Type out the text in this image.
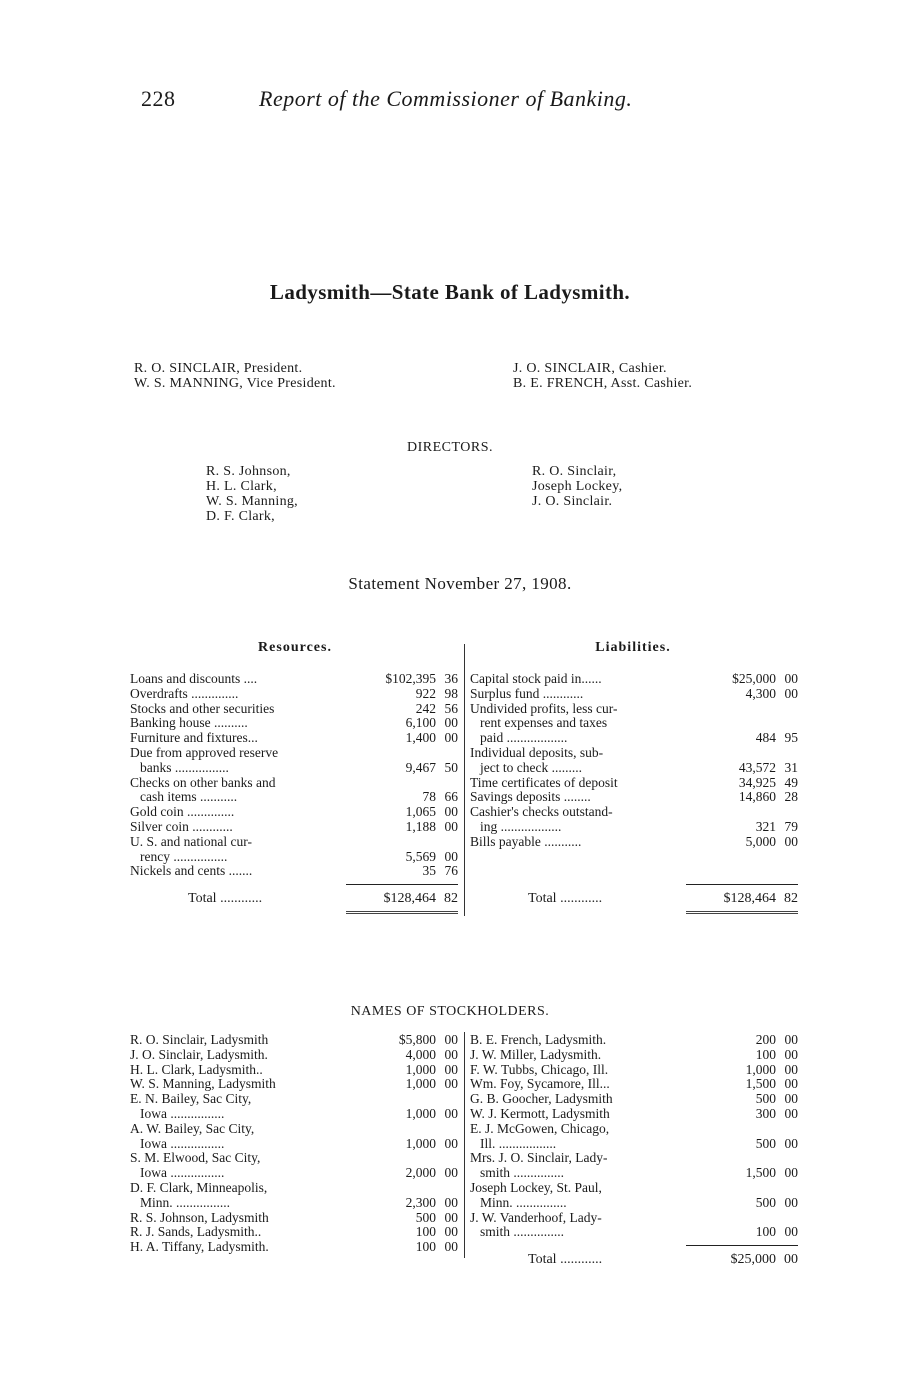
228	Report of the Commissioner of Banking.
Ladysmith—State Bank of Ladysmith.
R. O. SINCLAIR, President.
W. S. MANNING, Vice President.
J. O. SINCLAIR, Cashier.
B. E. FRENCH, Asst. Cashier.
DIRECTORS.
R. S. Johnson,
H. L. Clark,
W. S. Manning,
D. F. Clark,
R. O. Sinclair,
Joseph Lockey,
J. O. Sinclair.
Statement November 27, 1908.
Resources.	Liabilities.
Loans and discounts ....	$102,395 36
Overdrafts ..............	922 98
Stocks and other securities	242 56
Banking house ..........	6,100 00
Furniture and fixtures...	1,400 00
Due from approved reserve
banks ................	9,467 50
Checks on other banks and
cash items ...........	78 66
Gold coin ..............	1,065 00
Silver coin ............	1,188 00
U. S. and national cur-
rency ................	5,569 00
Nickels and cents .......	35 76
Capital stock paid in......	$25,000 00
Surplus fund ............	4,300 00
Undivided profits, less cur-
rent expenses and taxes
paid ..................	484 95
Individual deposits, sub-
ject to check .........	43,572 31
Time certificates of deposit	34,925 49
Savings deposits ........	14,860 28
Cashier's checks outstand-
ing ..................	321 79
Bills payable ...........	5,000 00
Total ............	$128,464 82	Total ............	$128,464 82
NAMES OF STOCKHOLDERS.
R. O. Sinclair, Ladysmith	$5,800 00
J. O. Sinclair, Ladysmith.	4,000 00
H. L. Clark, Ladysmith..	1,000 00
W. S. Manning, Ladysmith	1,000 00
E. N. Bailey, Sac City,
Iowa ................	1,000 00
A. W. Bailey, Sac City,
Iowa ................	1,000 00
S. M. Elwood, Sac City,
Iowa ................	2,000 00
D. F. Clark, Minneapolis,
Minn. ................	2,300 00
R. S. Johnson, Ladysmith	500 00
R. J. Sands, Ladysmith..	100 00
H. A. Tiffany, Ladysmith.	100 00
B. E. French, Ladysmith.	200 00
J. W. Miller, Ladysmith.	100 00
F. W. Tubbs, Chicago, Ill.	1,000 00
Wm. Foy, Sycamore, Ill...	1,500 00
G. B. Goocher, Ladysmith	500 00
W. J. Kermott, Ladysmith	300 00
E. J. McGowen, Chicago,
Ill. .................	500 00
Mrs. J. O. Sinclair, Lady-
smith ...............	1,500 00
Joseph Lockey, St. Paul,
Minn. ...............	500 00
J. W. Vanderhoof, Lady-
smith ...............	100 00
Total ............	$25,000 00
